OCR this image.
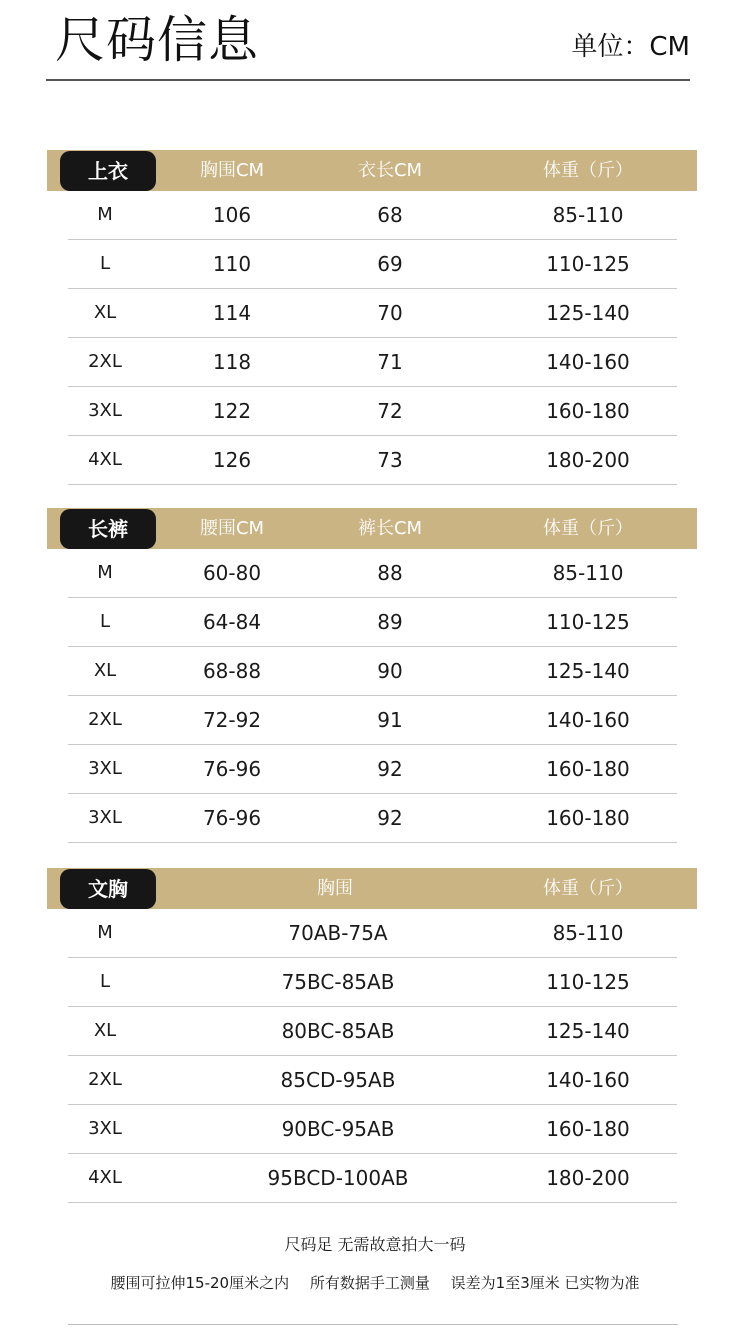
尺码信息	单位：CM
上衣	胸围CM	衣长CM	体重（斤）
M	106	68	85-110
L	110	69	110-125
XL	114	70	125-140
2XL	118	71	140-160
3XL	122	72	160-180
4XL	126	73	180-200
长裤	腰围CM	裤长CM	体重（斤）
M	60-80	88	85-110
L	64-84	89	110-125
XL	68-88	90	125-140
2XL	72-92	91	140-160
3XL	76-96	92	160-180
3XL	76-96	92	160-180
文胸	胸围	体重（斤）
M	70AB-75A	85-110
L	75BC-85AB	110-125
XL	80BC-85AB	125-140
2XL	85CD-95AB	140-160
3XL	90BC-95AB	160-180
4XL	95BCD-100AB	180-200
尺码足 无需故意拍大一码
腰围可拉伸15-20厘米之内 所有数据手工测量 误差为1至3厘米 已实物为准
